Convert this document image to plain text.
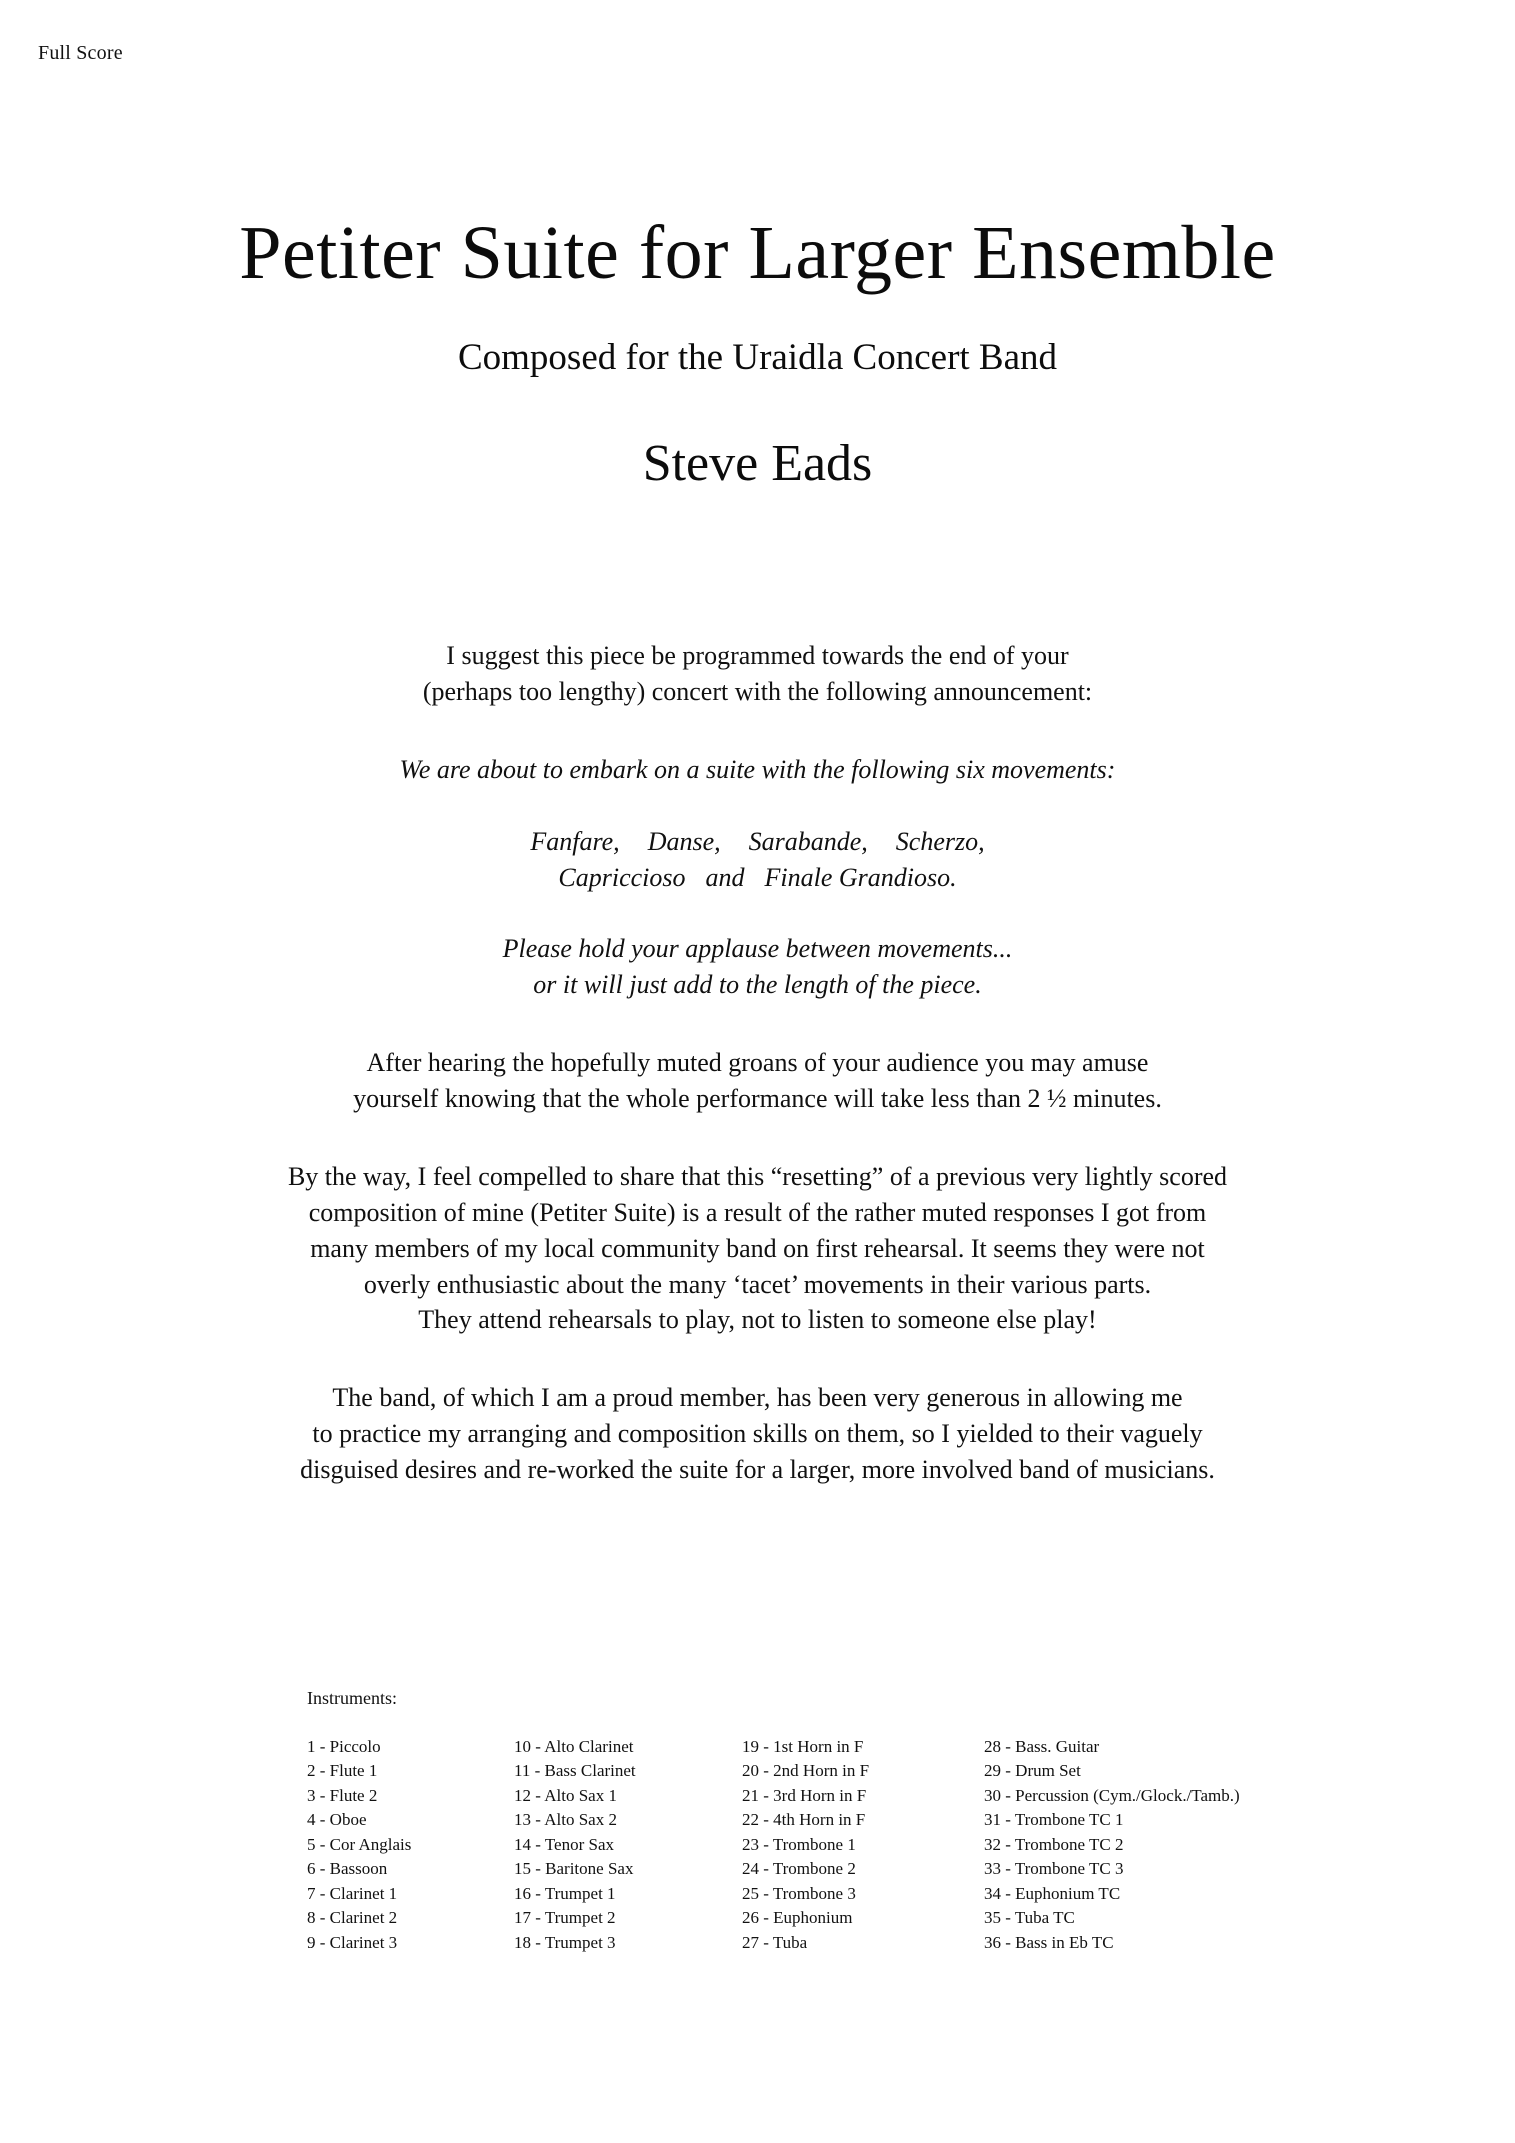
Full Score
Petiter Suite for Larger Ensemble

Composed for the Uraidla Concert Band

Steve Eads

I suggest this piece be programmed towards the end of your

(perhaps too lengthy) concert with the following announcement:

We are about to embark on a suite with the following six movements:

Fanfare, Danse, Sarabande, Scherzo,
Capriccioso and Finale Grandioso.

Please hold your applause between movements...

or it will just add to the length of the piece.

After hearing the hopefully muted groans of your audience you may amuse

yourself knowing that the whole performance will take less than 2 ½ minutes.

By the way, I feel compelled to share that this “resetting” of a previous very lightly scored

composition of mine (Petiter Suite) is a result of the rather muted responses I got from

many members of my local community band on first rehearsal. It seems they were not

overly enthusiastic about the many ‘tacet’ movements in their various parts.

They attend rehearsals to play, not to listen to someone else play!

The band, of which I am a proud member, has been very generous in allowing me

to practice my arranging and composition skills on them, so I yielded to their vaguely

disguised desires and re-worked the suite for a larger, more involved band of musicians.

Instruments:
1 - Piccolo
2 - Flute 1
3 - Flute 2
4 - Oboe
5 - Cor Anglais
6 - Bassoon
7 - Clarinet 1
8 - Clarinet 2
9 - Clarinet 3
10 - Alto Clarinet
11 - Bass Clarinet
12 - Alto Sax 1
13 - Alto Sax 2
14 - Tenor Sax
15 - Baritone Sax
16 - Trumpet 1
17 - Trumpet 2
18 - Trumpet 3
19 - 1st Horn in F
20 - 2nd Horn in F
21 - 3rd Horn in F
22 - 4th Horn in F
23 - Trombone 1
24 - Trombone 2
25 - Trombone 3
26 - Euphonium
27 - Tuba
28 - Bass. Guitar
29 - Drum Set
30 - Percussion (Cym./Glock./Tamb.)
31 - Trombone TC 1
32 - Trombone TC 2
33 - Trombone TC 3
34 - Euphonium TC
35 - Tuba TC
36 - Bass in Eb TC
